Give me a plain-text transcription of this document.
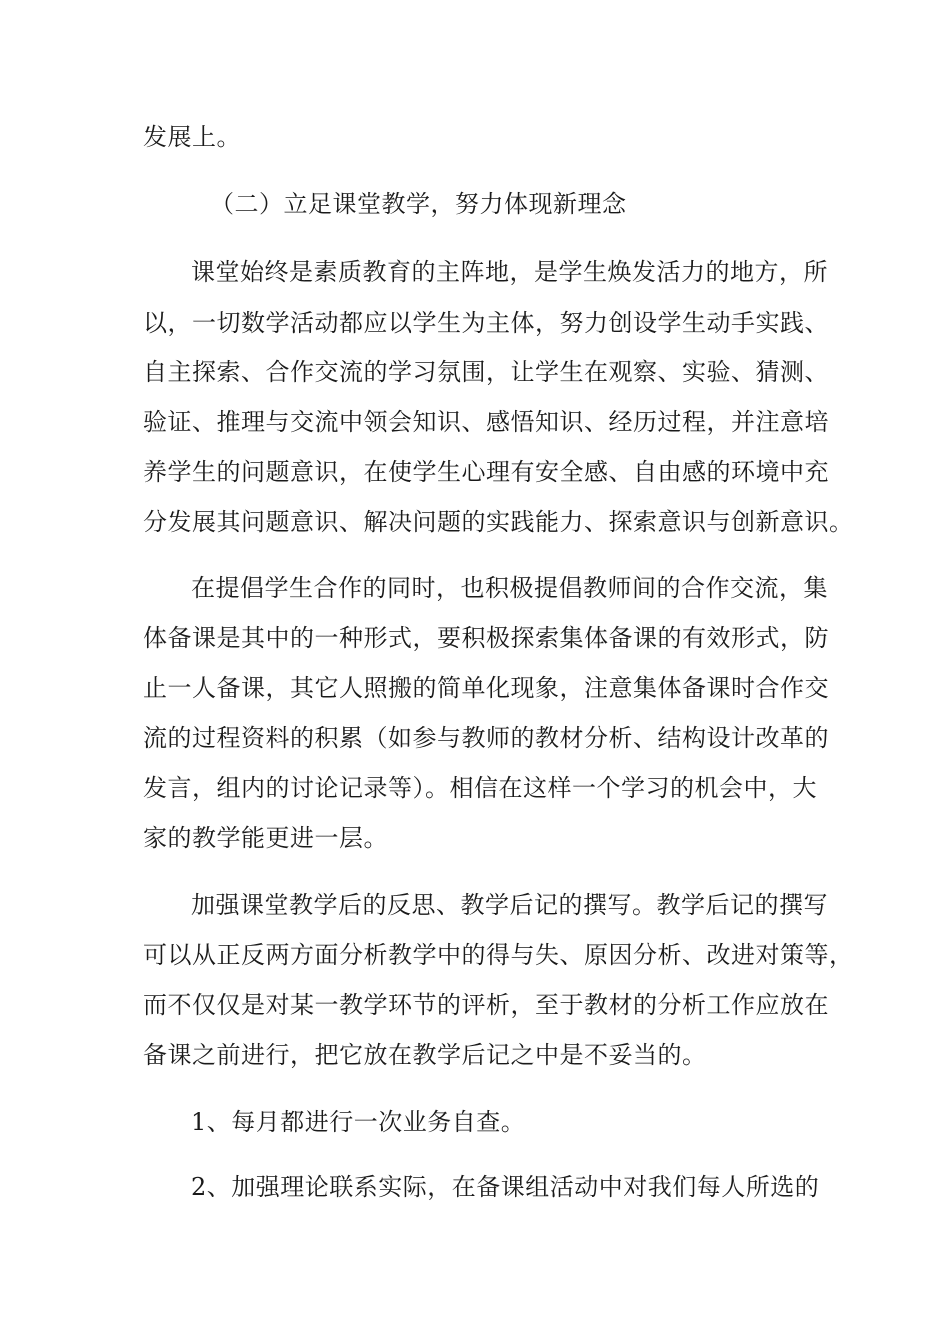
发展上。
（二）立足课堂教学，努力体现新理念
课堂始终是素质教育的主阵地，是学生焕发活力的地方，所
以，一切数学活动都应以学生为主体，努力创设学生动手实践、
自主探索、合作交流的学习氛围，让学生在观察、实验、猜测、
验证、推理与交流中领会知识、感悟知识、经历过程，并注意培
养学生的问题意识，在使学生心理有安全感、自由感的环境中充
分发展其问题意识、解决问题的实践能力、探索意识与创新意识。
在提倡学生合作的同时，也积极提倡教师间的合作交流，集
体备课是其中的一种形式，要积极探索集体备课的有效形式，防
止一人备课，其它人照搬的简单化现象，注意集体备课时合作交
流的过程资料的积累（如参与教师的教材分析、结构设计改革的
发言，组内的讨论记录等）。相信在这样一个学习的机会中，大
家的教学能更进一层。
加强课堂教学后的反思、教学后记的撰写。教学后记的撰写
可以从正反两方面分析教学中的得与失、原因分析、改进对策等，
而不仅仅是对某一教学环节的评析，至于教材的分析工作应放在
备课之前进行，把它放在教学后记之中是不妥当的。
1、每月都进行一次业务自查。
2、加强理论联系实际，在备课组活动中对我们每人所选的
